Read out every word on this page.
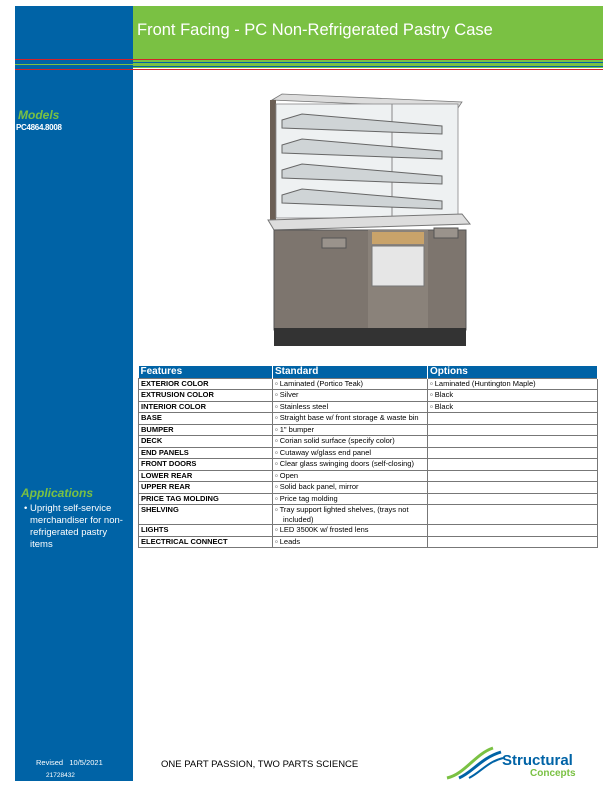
Front Facing - PC Non-Refrigerated Pastry Case
Models
PC4864.8008
Applications
• Upright self-service merchandiser for non-refrigerated pastry items
Features	Standard	Options
EXTERIOR COLOR	▫ Laminated (Portico Teak)	▫ Laminated (Huntington Maple)

EXTRUSION COLOR	▫ Silver	▫ Black

INTERIOR COLOR	▫ Stainless steel	▫ Black

BASE	▫ Straight base w/ front storage & waste bin	

BUMPER	▫ 1" bumper	

DECK	▫ Corian solid surface (specify color)	

END PANELS	▫ Cutaway w/glass end panel	

FRONT DOORS	▫ Clear glass swinging doors (self-closing)	

LOWER REAR	▫ Open	

UPPER REAR	▫ Solid back panel, mirror	

PRICE TAG MOLDING	▫ Price tag molding	

SHELVING	▫ Tray support lighted shelves, (trays not included)	

LIGHTS	▫ LED 3500K w/ frosted lens	

ELECTRICAL CONNECT	▫ Leads	

Revised 10/5/2021
21728432
ONE PART PASSION, TWO PARTS SCIENCE	Structural
Concepts
